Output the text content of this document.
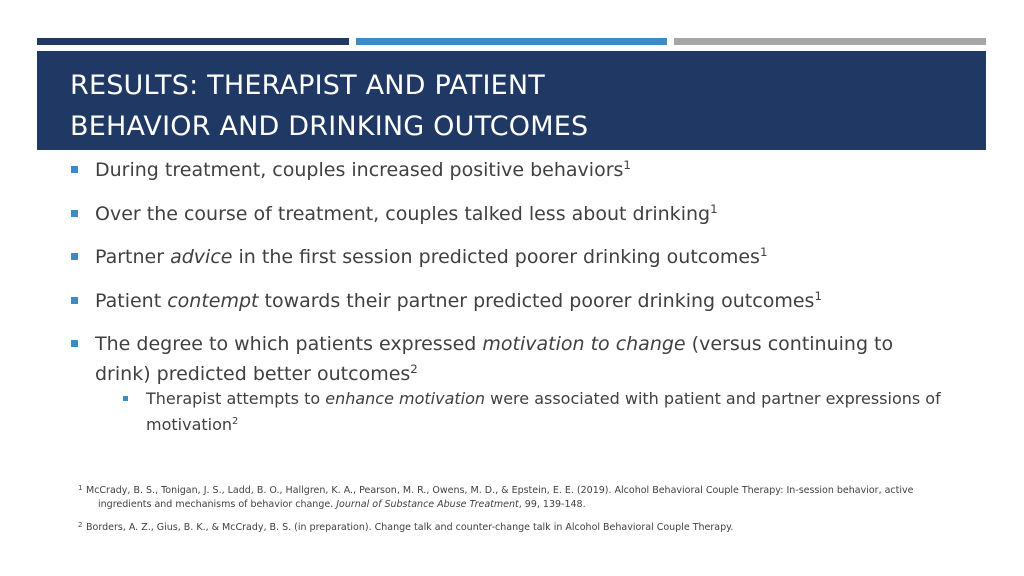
RESULTS: THERAPIST AND PATIENT
BEHAVIOR AND DRINKING OUTCOMES
During treatment, couples increased positive behaviors$^1$
Over the course of treatment, couples talked less about drinking$^1$
Partner advice in the first session predicted poorer drinking outcomes$^1$
Patient contempt towards their partner predicted poorer drinking outcomes$^1$
The degree to which patients expressed motivation to change (versus continuing to drink) predicted better outcomes$^2$
Therapist attempts to enhance motivation were associated with patient and partner expressions of motivation$^2$
1 McCrady, B. S., Tonigan, J. S., Ladd, B. O., Hallgren, K. A., Pearson, M. R., Owens, M. D., & Epstein, E. E. (2019). Alcohol Behavioral Couple Therapy: In-session behavior, active
ingredients and mechanisms of behavior change. Journal of Substance Abuse Treatment, 99, 139-148.
2 Borders, A. Z., Gius, B. K., & McCrady, B. S. (in preparation). Change talk and counter-change talk in Alcohol Behavioral Couple Therapy.
